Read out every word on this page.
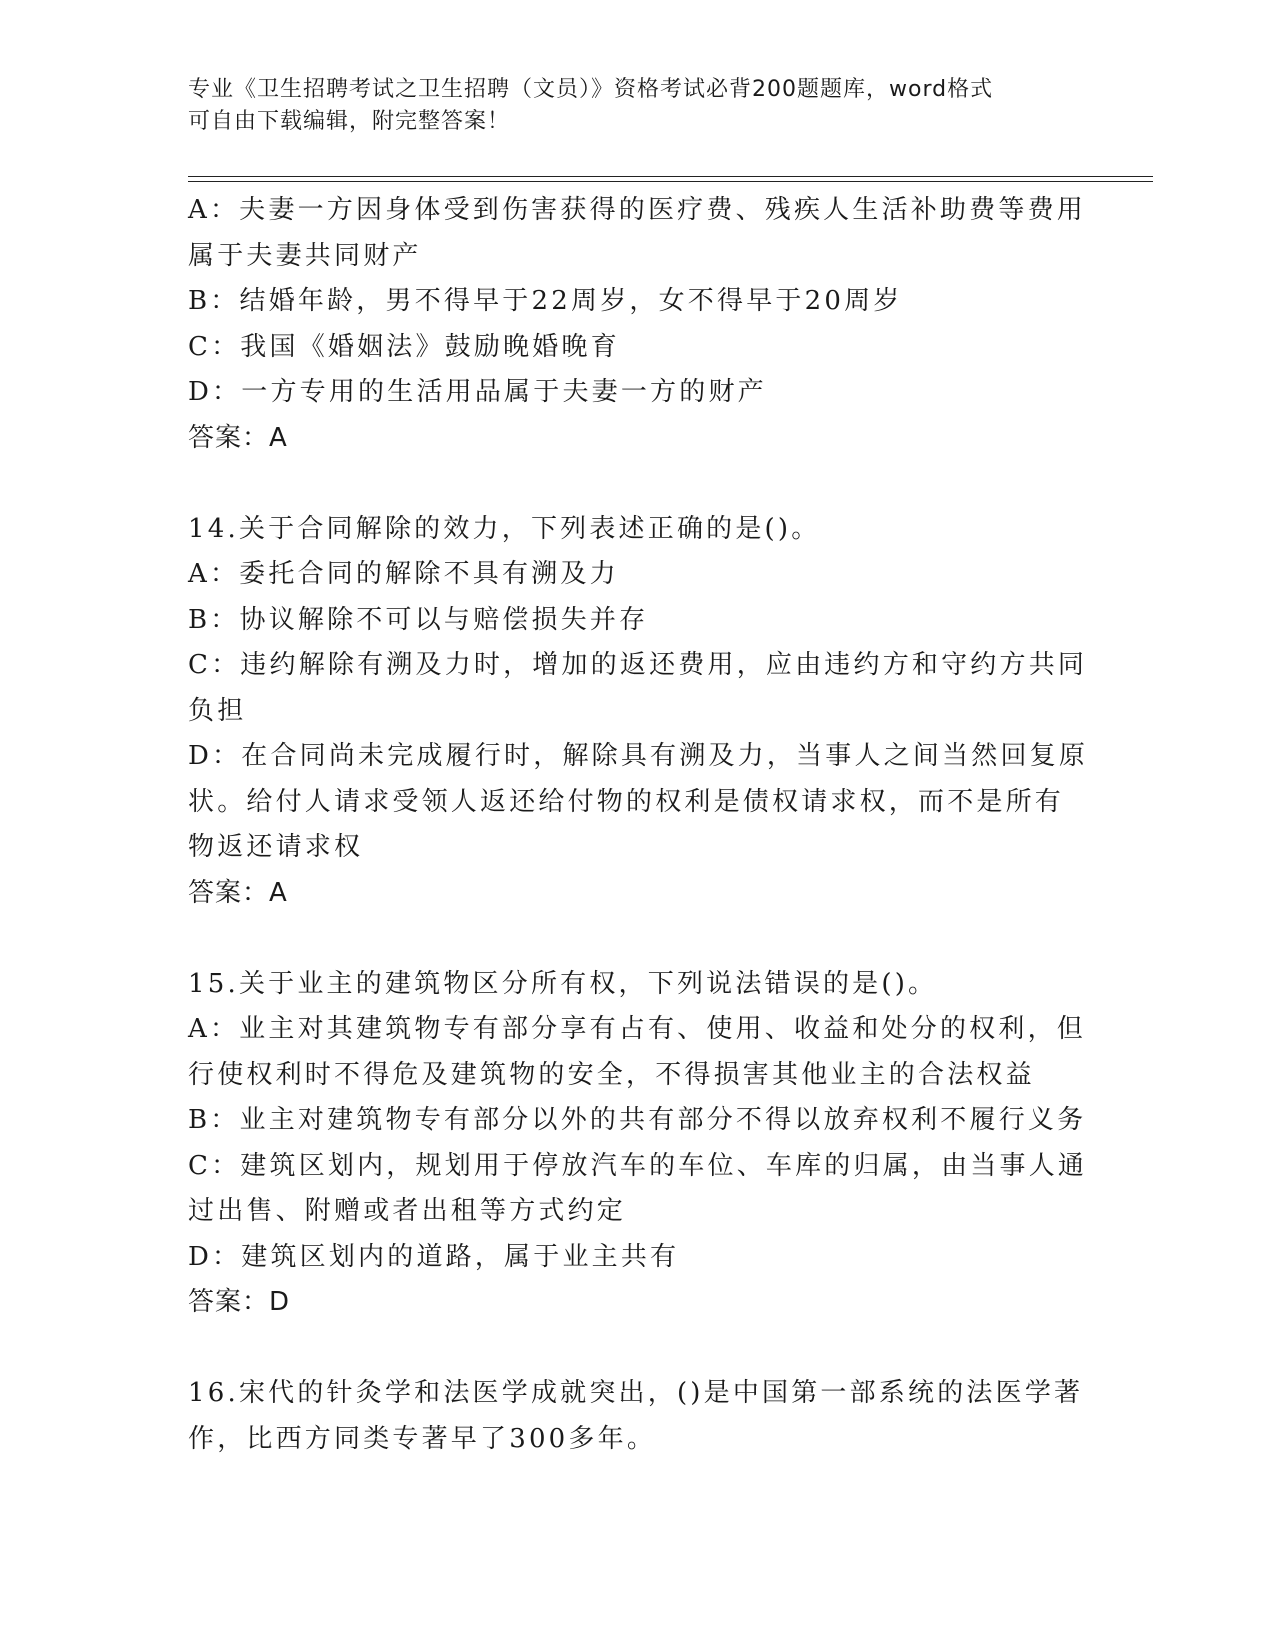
专业《卫生招聘考试之卫生招聘（文员）》资格考试必背200题题库，word格式
可自由下载编辑，附完整答案！
A：夫妻一方因身体受到伤害获得的医疗费、残疾人生活补助费等费用
属于夫妻共同财产
B：结婚年龄，男不得早于22周岁，女不得早于20周岁
C：我国《婚姻法》鼓励晚婚晚育
D：一方专用的生活用品属于夫妻一方的财产
答案：A
14.关于合同解除的效力，下列表述正确的是()。
A：委托合同的解除不具有溯及力
B：协议解除不可以与赔偿损失并存
C：违约解除有溯及力时，增加的返还费用，应由违约方和守约方共同
负担
D：在合同尚未完成履行时，解除具有溯及力，当事人之间当然回复原
状。给付人请求受领人返还给付物的权利是债权请求权，而不是所有
物返还请求权
答案：A
15.关于业主的建筑物区分所有权，下列说法错误的是()。
A：业主对其建筑物专有部分享有占有、使用、收益和处分的权利，但
行使权利时不得危及建筑物的安全，不得损害其他业主的合法权益
B：业主对建筑物专有部分以外的共有部分不得以放弃权利不履行义务
C：建筑区划内，规划用于停放汽车的车位、车库的归属，由当事人通
过出售、附赠或者出租等方式约定
D：建筑区划内的道路，属于业主共有
答案：D
16.宋代的针灸学和法医学成就突出，()是中国第一部系统的法医学著
作，比西方同类专著早了300多年。
